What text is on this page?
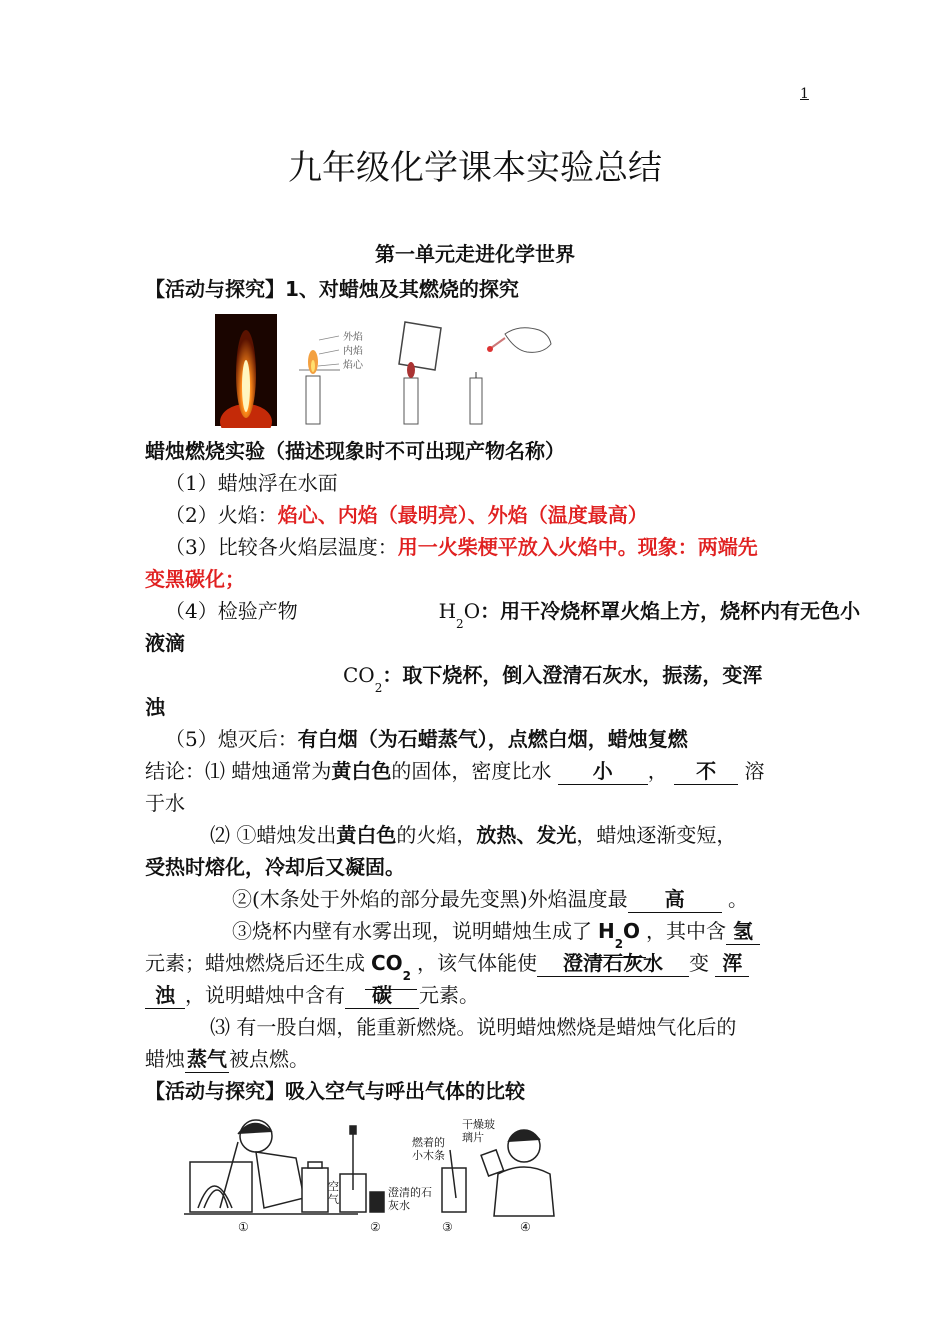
1
九年级化学课本实验总结
第一单元走进化学世界
【活动与探究】1、对蜡烛及其燃烧的探究
外焰
内焰
焰心
蜡烛燃烧实验（描述现象时不可出现产物名称）
（1）蜡烛浮在水面
（2）火焰：焰心、内焰（最明亮）、外焰（温度最高）
（3）比较各火焰层温度：用一火柴梗平放入火焰中。现象：两端先
变黑碳化；
（4）检验产物	$H_2O$：用干冷烧杯罩火焰上方，烧杯内有无色小
液滴
$CO_2$：取下烧杯，倒入澄清石灰水，振荡，变浑
浊
（5）熄灭后：有白烟（为石蜡蒸气），点燃白烟，蜡烛复燃
结论：⑴ 蜡烛通常为黄白色的固体，密度比水 小 ， 不 溶
于水
⑵ ①蜡烛发出黄白色的火焰，放热、发光，蜡烛逐渐变短，
受热时熔化，冷却后又凝固。
②(木条处于外焰的部分最先变黑)外焰温度最 高 。
③烧杯内壁有水雾出现，说明蜡烛生成了 $H_2O$ ，其中含 氢
元素；蜡烛燃烧后还生成 $CO_2$，该气体能使 澄清石灰水 变 浑
浊 ，说明蜡烛中含有 碳 元素。
⑶ 有一股白烟，能重新燃烧。说明蜡烛燃烧是蜡烛气化后的
蜡烛 蒸气 被点燃。
【活动与探究】吸入空气与呼出气体的比较
空气
澄清的石灰水
燃着的小木条
干燥玻璃片
①	②	③	④
